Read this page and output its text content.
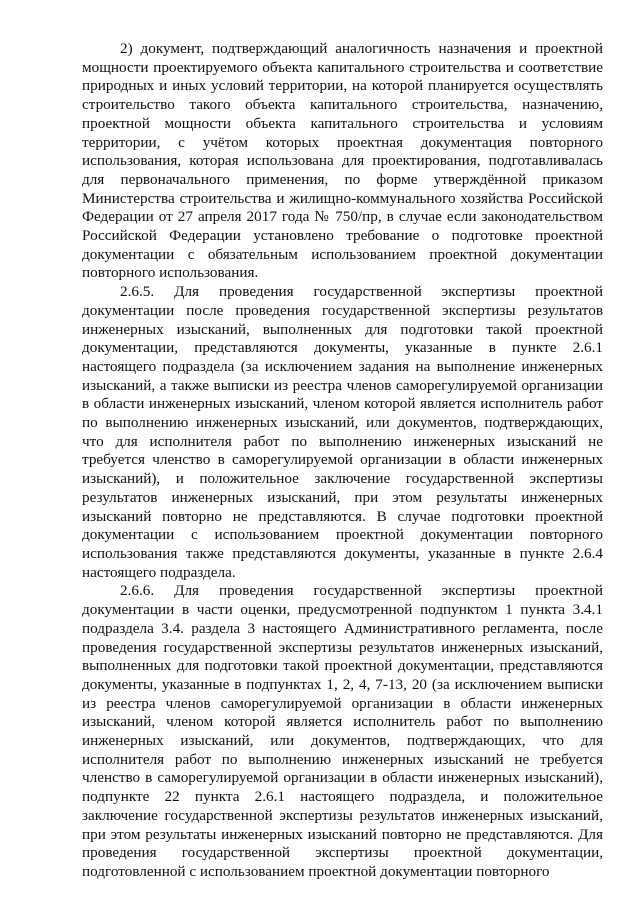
2) документ, подтверждающий аналогичность назначения и проектной мощности проектируемого объекта капитального строительства и соответствие природных и иных условий территории, на которой планируется осуществлять строительство такого объекта капитального строительства, назначению, проектной мощности объекта капитального строительства и условиям территории, с учётом которых проектная документация повторного использования, которая использована для проектирования, подготавливалась для первоначального применения, по форме утверждённой приказом Министерства строительства и жилищно-коммунального хозяйства Российской Федерации от 27 апреля 2017 года № 750/пр, в случае если законодательством Российской Федерации установлено требование о подготовке проектной документации с обязательным использованием проектной документации повторного использования.

2.6.5. Для проведения государственной экспертизы проектной документации после проведения государственной экспертизы результатов инженерных изысканий, выполненных для подготовки такой проектной документации, представляются документы, указанные в пункте 2.6.1 настоящего подраздела (за исключением задания на выполнение инженерных изысканий, а также выписки из реестра членов саморегулируемой организации в области инженерных изысканий, членом которой является исполнитель работ по выполнению инженерных изысканий, или документов, подтверждающих, что для исполнителя работ по выполнению инженерных изысканий не требуется членство в саморегулируемой организации в области инженерных изысканий), и положительное заключение государственной экспертизы результатов инженерных изысканий, при этом результаты инженерных изысканий повторно не представляются. В случае подготовки проектной документации с использованием проектной документации повторного использования также представляются документы, указанные в пункте 2.6.4 настоящего подраздела.

2.6.6. Для проведения государственной экспертизы проектной документации в части оценки, предусмотренной подпунктом 1 пункта 3.4.1 подраздела 3.4. раздела 3 настоящего Административного регламента, после проведения государственной экспертизы результатов инженерных изысканий, выполненных для подготовки такой проектной документации, представляются документы, указанные в подпунктах 1, 2, 4, 7-13, 20 (за исключением выписки из реестра членов саморегулируемой организации в области инженерных изысканий, членом которой является исполнитель работ по выполнению инженерных изысканий, или документов, подтверждающих, что для исполнителя работ по выполнению инженерных изысканий не требуется членство в саморегулируемой организации в области инженерных изысканий), подпункте 22 пункта 2.6.1 настоящего подраздела, и положительное заключение государственной экспертизы результатов инженерных изысканий, при этом результаты инженерных изысканий повторно не представляются. Для проведения государственной экспертизы проектной документации, подготовленной с использованием проектной документации повторного
